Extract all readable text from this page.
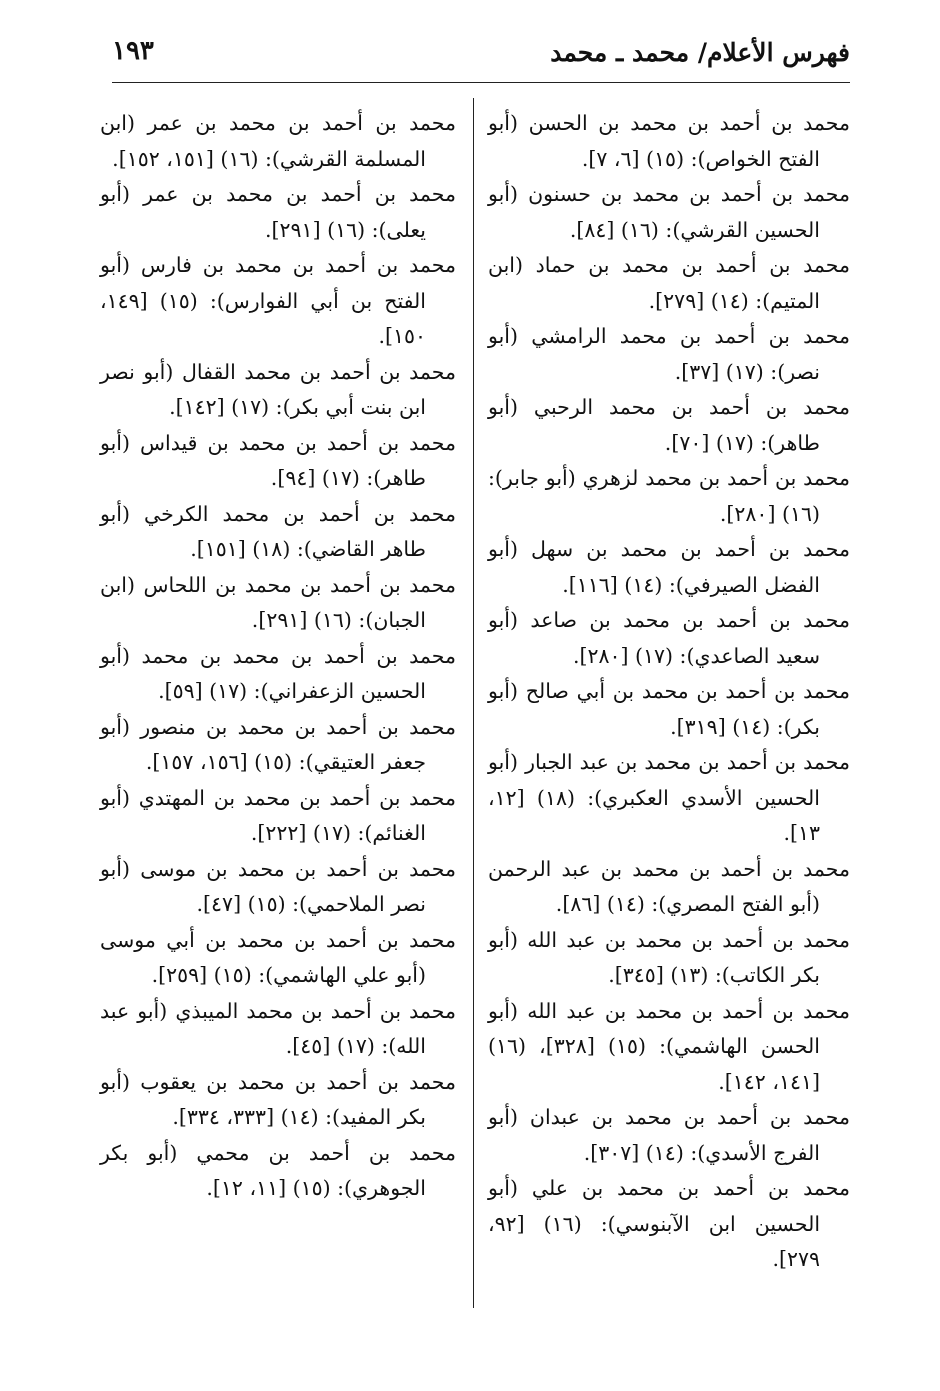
فهرس الأعلام/ محمد ـ محمد
١٩٣
محمد بن أحمد بن محمد بن الحسن (أبو الفتح الخواص): (١٥) [٦، ٧].
محمد بن أحمد بن محمد بن حسنون (أبو الحسين القرشي): (١٦) [٨٤].
محمد بن أحمد بن محمد بن حماد (ابن المتيم): (١٤) [٢٧٩].
محمد بن أحمد بن محمد الرامشي (أبو نصر): (١٧) [٣٧].
محمد بن أحمد بن محمد الرحبي (أبو طاهر): (١٧) [٧٠].
محمد بن أحمد بن محمد لزهري (أبو جابر): (١٦) [٢٨٠].
محمد بن أحمد بن محمد بن سهل (أبو الفضل الصيرفي): (١٤) [١١٦].
محمد بن أحمد بن محمد بن صاعد (أبو سعيد الصاعدي): (١٧) [٢٨٠].
محمد بن أحمد بن محمد بن أبي صالح (أبو بكر): (١٤) [٣١٩].
محمد بن أحمد بن محمد بن عبد الجبار (أبو الحسين الأسدي العكبري): (١٨) [١٢، ١٣].
محمد بن أحمد بن محمد بن عبد الرحمن (أبو الفتح المصري): (١٤) [٨٦].
محمد بن أحمد بن محمد بن عبد الله (أبو بكر الكاتب): (١٣) [٣٤٥].
محمد بن أحمد بن محمد بن عبد الله (أبو الحسن الهاشمي): (١٥) [٣٢٨]، (١٦) [١٤١، ١٤٢].
محمد بن أحمد بن محمد بن عبدان (أبو الفرج الأسدي): (١٤) [٣٠٧].
محمد بن أحمد بن محمد بن علي (أبو الحسين ابن الآبنوسي): (١٦) [٩٢، ٢٧٩].
محمد بن أحمد بن محمد بن عمر (ابن المسلمة القرشي): (١٦) [١٥١، ١٥٢].
محمد بن أحمد بن محمد بن عمر (أبو يعلى): (١٦) [٢٩١].
محمد بن أحمد بن محمد بن فارس (أبو الفتح بن أبي الفوارس): (١٥) [١٤٩، ١٥٠].
محمد بن أحمد بن محمد القفال (أبو نصر ابن بنت أبي بكر): (١٧) [١٤٢].
محمد بن أحمد بن محمد بن قيداس (أبو طاهر): (١٧) [٩٤].
محمد بن أحمد بن محمد الكرخي (أبو طاهر القاضي): (١٨) [١٥١].
محمد بن أحمد بن محمد بن اللحاس (ابن الجبان): (١٦) [٢٩١].
محمد بن أحمد بن محمد بن محمد (أبو الحسين الزعفراني): (١٧) [٥٩].
محمد بن أحمد بن محمد بن منصور (أبو جعفر العتيقي): (١٥) [١٥٦، ١٥٧].
محمد بن أحمد بن محمد بن المهتدي (أبو الغنائم): (١٧) [٢٢٢].
محمد بن أحمد بن محمد بن موسى (أبو نصر الملاحمي): (١٥) [٤٧].
محمد بن أحمد بن محمد بن أبي موسى (أبو علي الهاشمي): (١٥) [٢٥٩].
محمد بن أحمد بن محمد الميبذي (أبو عبد الله): (١٧) [٤٥].
محمد بن أحمد بن محمد بن يعقوب (أبو بكر المفيد): (١٤) [٣٣٣، ٣٣٤].
محمد بن أحمد بن محمي (أبو بكر الجوهري): (١٥) [١١، ١٢].
